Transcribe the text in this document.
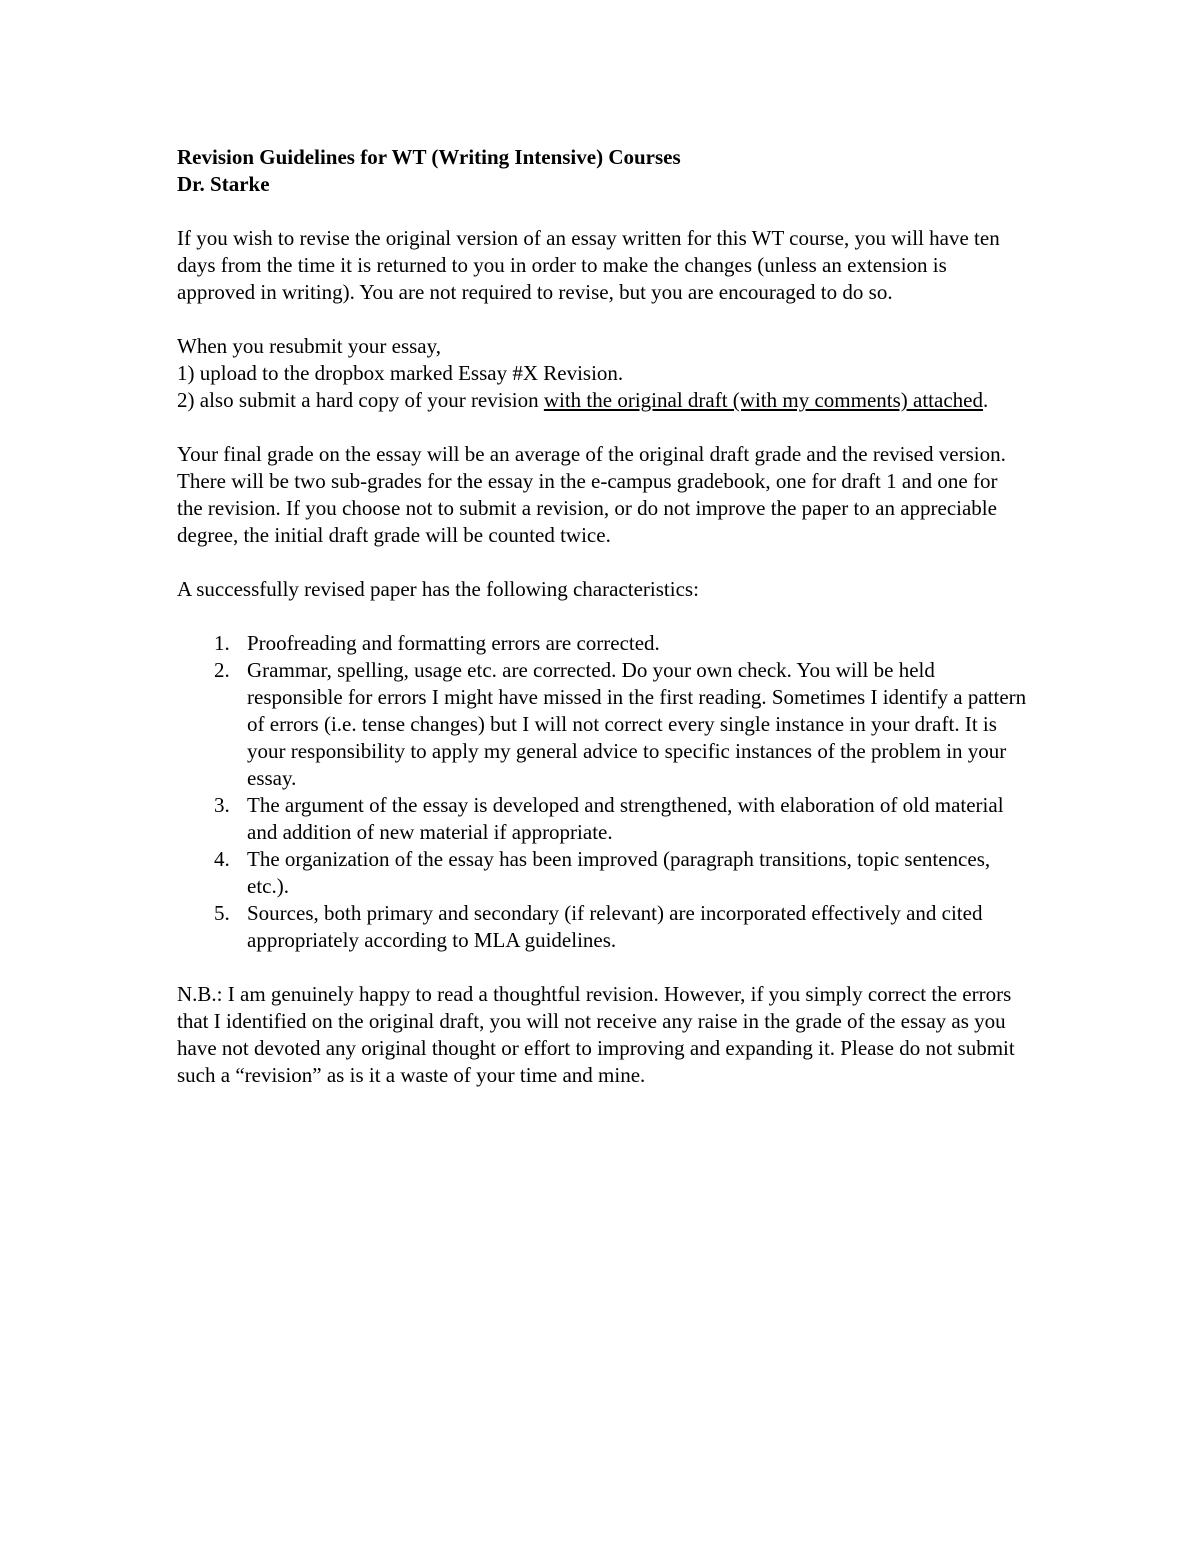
Revision Guidelines for WT (Writing Intensive) Courses

Dr. Starke

If you wish to revise the original version of an essay written for this WT course, you will have ten days from the time it is returned to you in order to make the changes (unless an extension is approved in writing). You are not required to revise, but you are encouraged to do so.

When you resubmit your essay,

1) upload to the dropbox marked Essay #X Revision.

2) also submit a hard copy of your revision with the original draft (with my comments) attached.

Your final grade on the essay will be an average of the original draft grade and the revised version. There will be two sub-grades for the essay in the e-campus gradebook, one for draft 1 and one for the revision. If you choose not to submit a revision, or do not improve the paper to an appreciable degree, the initial draft grade will be counted twice.

A successfully revised paper has the following characteristics:

1. Proofreading and formatting errors are corrected.
2. Grammar, spelling, usage etc. are corrected. Do your own check. You will be held responsible for errors I might have missed in the first reading. Sometimes I identify a pattern of errors (i.e. tense changes) but I will not correct every single instance in your draft. It is your responsibility to apply my general advice to specific instances of the problem in your essay.
3. The argument of the essay is developed and strengthened, with elaboration of old material and addition of new material if appropriate.
4. The organization of the essay has been improved (paragraph transitions, topic sentences, etc.).
5. Sources, both primary and secondary (if relevant) are incorporated effectively and cited appropriately according to MLA guidelines.

N.B.: I am genuinely happy to read a thoughtful revision. However, if you simply correct the errors that I identified on the original draft, you will not receive any raise in the grade of the essay as you have not devoted any original thought or effort to improving and expanding it. Please do not submit such a “revision” as is it a waste of your time and mine.
